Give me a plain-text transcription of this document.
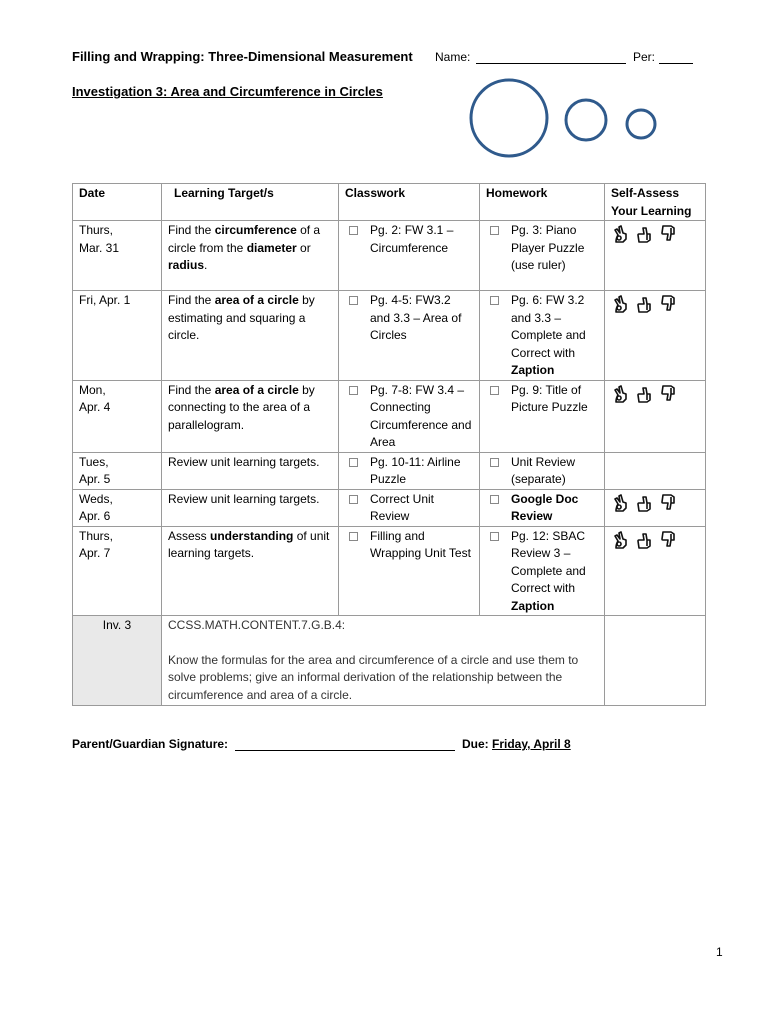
Filling and Wrapping: Three-Dimensional Measurement Name:	Per:
Investigation 3: Area and Circumference in Circles
Date	Learning Target/s	Classwork	Homework	Self-Assess
Your Learning
Thurs,
Mar. 31	Find the circumference of a circle from the diameter or radius.	Pg. 2: FW 3.1 – Circumference	Pg. 3: Piano Player Puzzle (use ruler)

Fri, Apr. 1	Find the area of a circle by estimating and squaring a circle.	Pg. 4-5: FW3.2 and 3.3 – Area of Circles	Pg. 6: FW 3.2 and 3.3 – Complete and Correct with Zaption

Mon,
Apr. 4	Find the area of a circle by connecting to the area of a parallelogram.	Pg. 7-8: FW 3.4 – Connecting Circumference and Area	Pg. 9: Title of Picture Puzzle

Tues,
Apr. 5	Review unit learning targets.	Pg. 10-11: Airline Puzzle	Unit Review (separate)	

Weds,
Apr. 6	Review unit learning targets.	Correct Unit Review	Google Doc Review

Thurs,
Apr. 7	Assess understanding of unit learning targets.	Filling and Wrapping Unit Test	Pg. 12: SBAC Review 3 – Complete and Correct with Zaption

Inv. 3	CCSS.MATH.CONTENT.7.G.B.4:
Know the formulas for the area and circumference of a circle and use them to solve problems; give an informal derivation of the relationship between the circumference and area of a circle.			

Parent/Guardian Signature:	Due: Friday, April 8
1
